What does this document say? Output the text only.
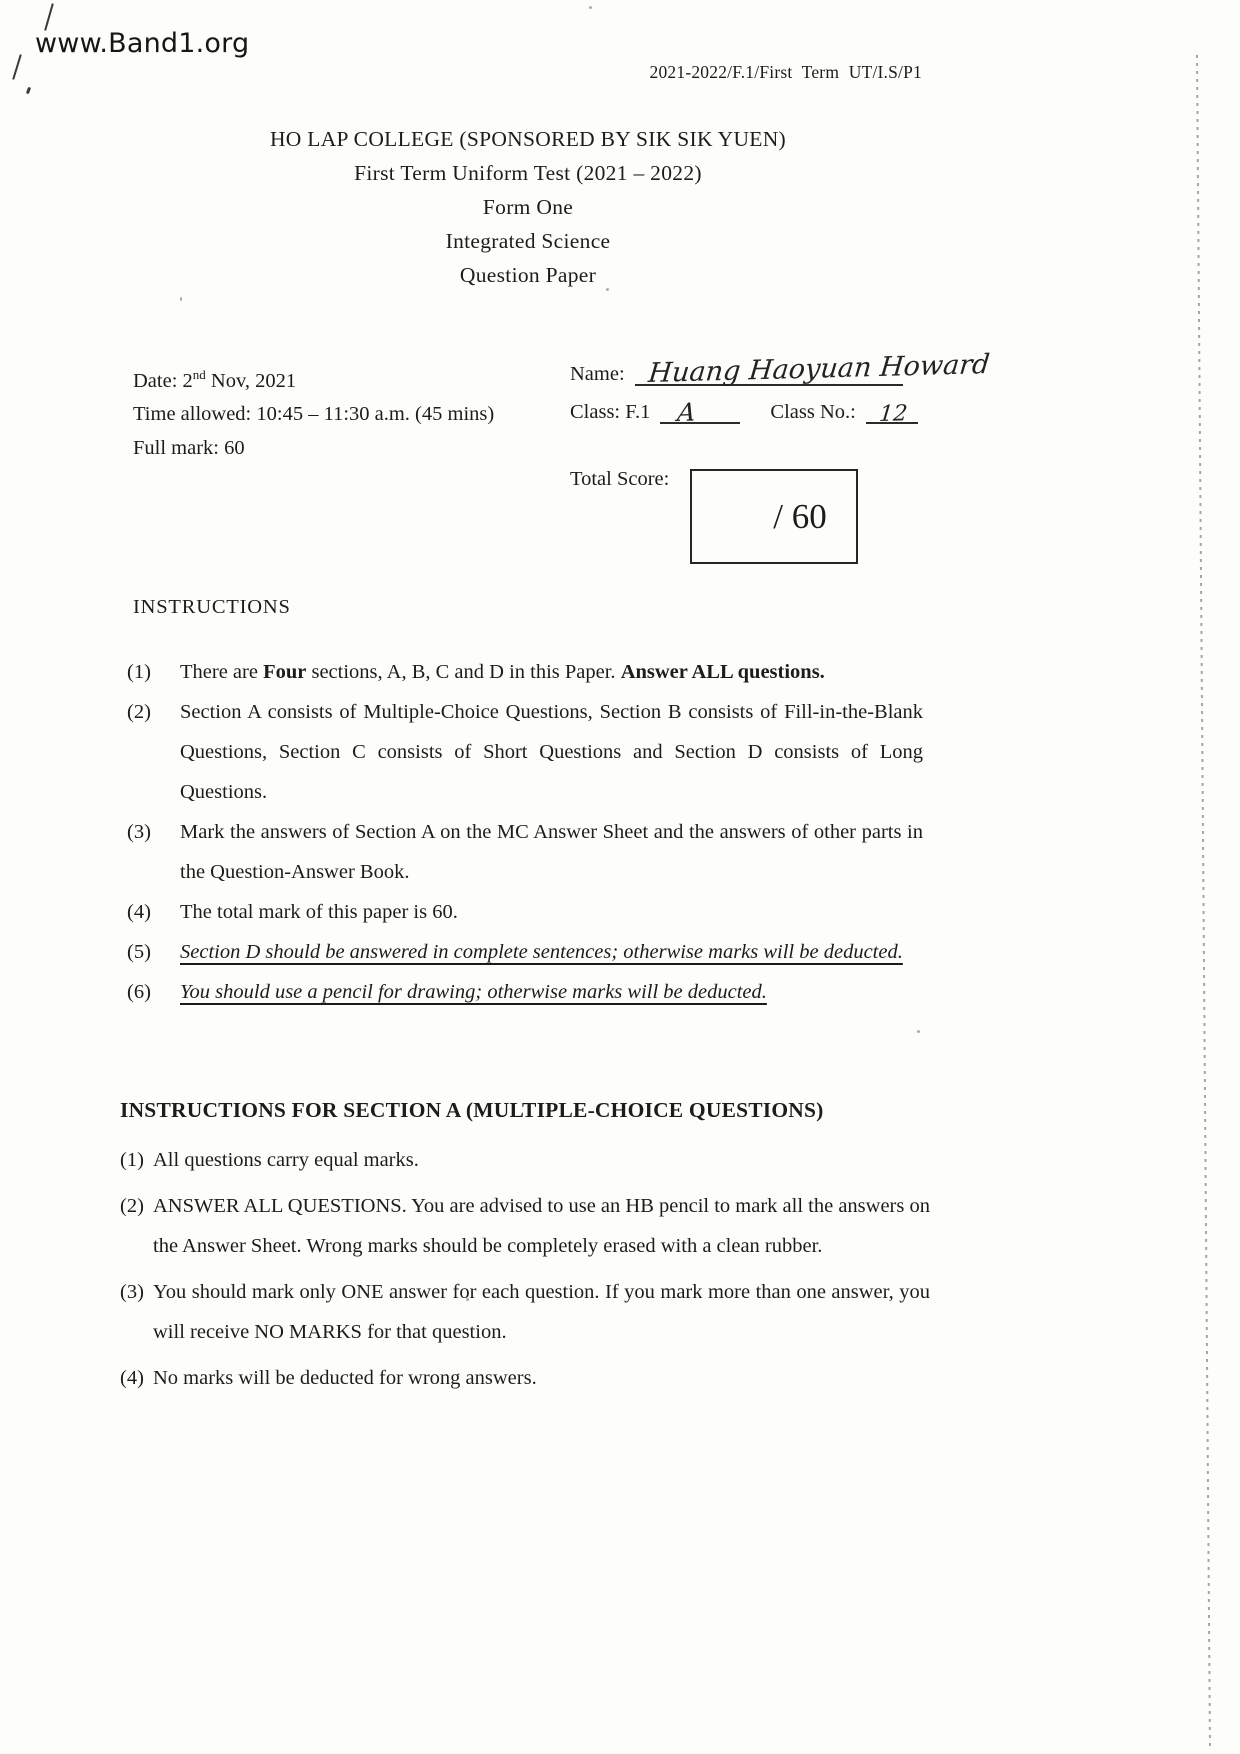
www.Band1.org
2021-2022/F.1/First Term UT/I.S/P1
HO LAP COLLEGE (SPONSORED BY SIK SIK YUEN)
First Term Uniform Test (2021 – 2022)
Form One
Integrated Science
Question Paper
Date: 2nd Nov, 2021
Time allowed: 10:45 – 11:30 a.m. (45 mins)
Full mark: 60
Name: Huang Haoyuan Howard
Class: F.1 A	Class No.: 12
Total Score:
/ 60
INSTRUCTIONS
(1)	There are Four sections, A, B, C and D in this Paper. Answer ALL questions.
(2)	Section A consists of Multiple-Choice Questions, Section B consists of Fill-in-the-Blank Questions, Section C consists of Short Questions and Section D consists of Long Questions.
(3)	Mark the answers of Section A on the MC Answer Sheet and the answers of other parts in the Question-Answer Book.
(4)	The total mark of this paper is 60.
(5)	Section D should be answered in complete sentences; otherwise marks will be deducted.
(6)	You should use a pencil for drawing; otherwise marks will be deducted.
INSTRUCTIONS FOR SECTION A (MULTIPLE-CHOICE QUESTIONS)
(1) All questions carry equal marks.
(2) ANSWER ALL QUESTIONS. You are advised to use an HB pencil to mark all the answers on the Answer Sheet. Wrong marks should be completely erased with a clean rubber.
(3) You should mark only ONE answer for each question. If you mark more than one answer, you will receive NO MARKS for that question.
(4) No marks will be deducted for wrong answers.
